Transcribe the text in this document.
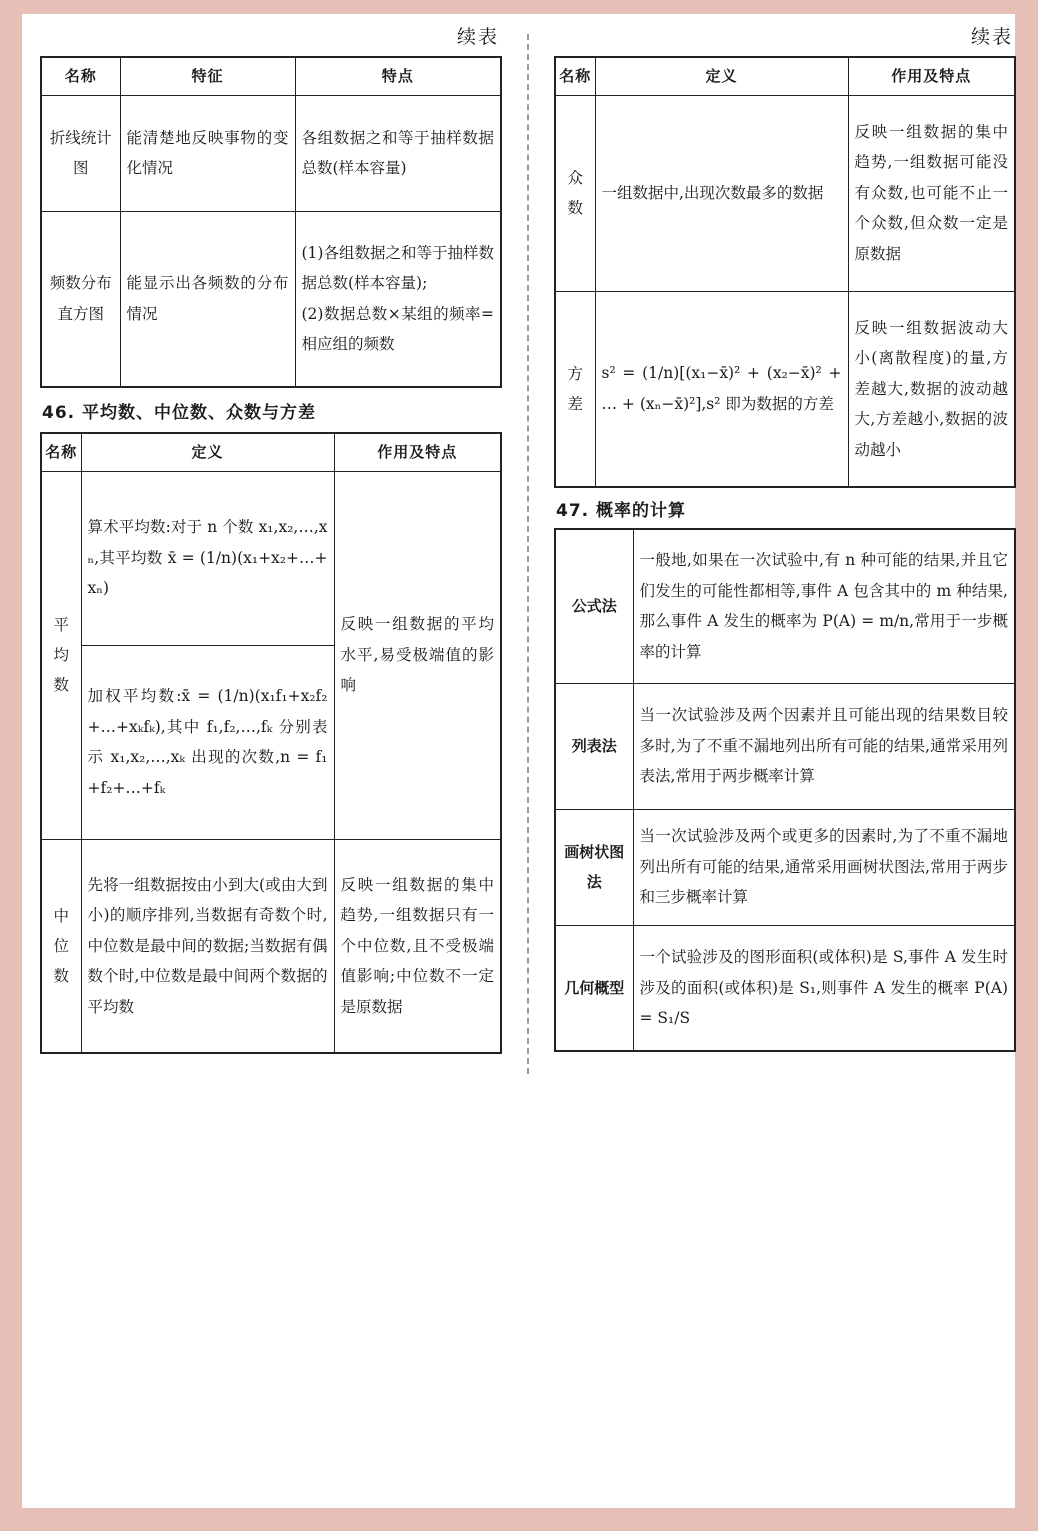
续表
名称	特征	特点
折线统计图	能清楚地反映事物的变化情况	各组数据之和等于抽样数据总数(样本容量)

频数分布直方图	能显示出各频数的分布情况	(1)各组数据之和等于抽样数据总数(样本容量);
(2)数据总数×某组的频率=相应组的频数
46. 平均数、中位数、众数与方差
名称	定义	作用及特点
平均数	算术平均数:对于 n 个数 x₁,x₂,…,xₙ,其平均数 x̄ = (1/n)(x₁+x₂+…+xₙ)	反映一组数据的平均水平,易受极端值的影响

	加权平均数:x̄ = (1/n)(x₁f₁+x₂f₂+…+xₖfₖ),其中 f₁,f₂,…,fₖ 分别表示 x₁,x₂,…,xₖ 出现的次数,n = f₁+f₂+…+fₖ	

中位数	先将一组数据按由小到大(或由大到小)的顺序排列,当数据有奇数个时,中位数是最中间的数据;当数据有偶数个时,中位数是最中间两个数据的平均数	反映一组数据的集中趋势,一组数据只有一个中位数,且不受极端值影响;中位数不一定是原数据
续表
名称	定义	作用及特点
众数	一组数据中,出现次数最多的数据	反映一组数据的集中趋势,一组数据可能没有众数,也可能不止一个众数,但众数一定是原数据

方差	s² = (1/n)[(x₁−x̄)² + (x₂−x̄)² + … + (xₙ−x̄)²],s² 即为数据的方差	反映一组数据波动大小(离散程度)的量,方差越大,数据的波动越大,方差越小,数据的波动越小
47. 概率的计算
公式法	一般地,如果在一次试验中,有 n 种可能的结果,并且它们发生的可能性都相等,事件 A 包含其中的 m 种结果,那么事件 A 发生的概率为 P(A) = m/n,常用于一步概率的计算

列表法	当一次试验涉及两个因素并且可能出现的结果数目较多时,为了不重不漏地列出所有可能的结果,通常采用列表法,常用于两步概率计算

画树状图法	当一次试验涉及两个或更多的因素时,为了不重不漏地列出所有可能的结果,通常采用画树状图法,常用于两步和三步概率计算

几何概型	一个试验涉及的图形面积(或体积)是 S,事件 A 发生时涉及的面积(或体积)是 S₁,则事件 A 发生的概率 P(A) = S₁/S
